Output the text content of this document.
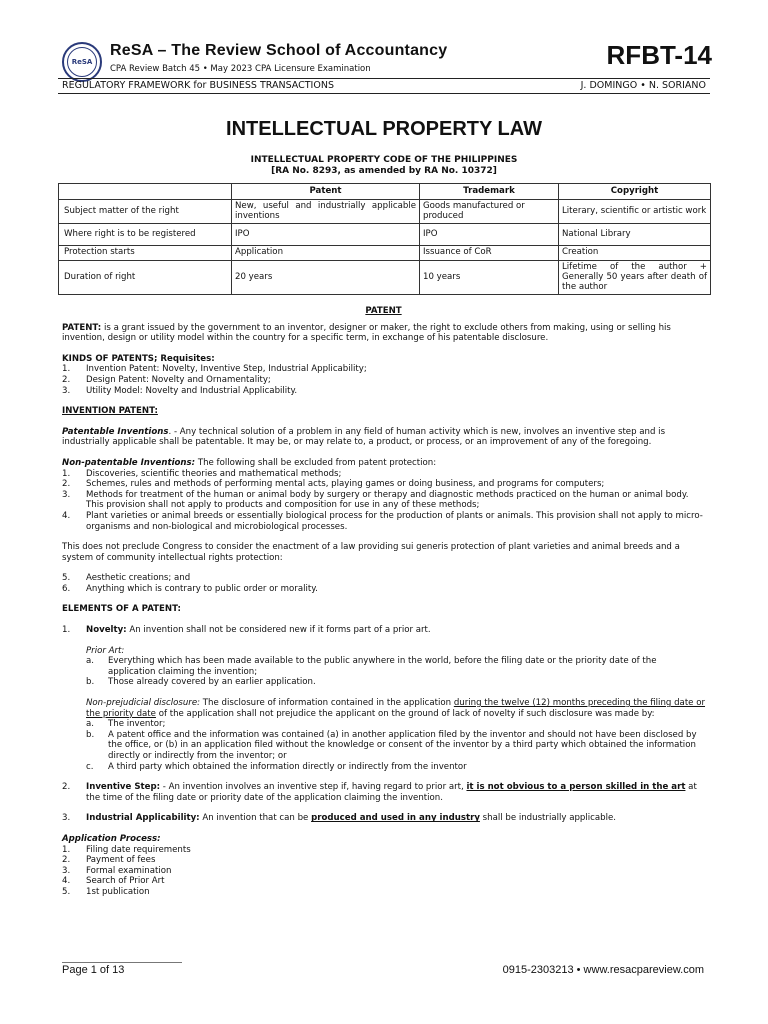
ReSA
ReSA – The Review School of Accountancy
CPA Review Batch 45 • May 2023 CPA Licensure Examination	RFBT-14
REGULATORY FRAMEWORK for BUSINESS TRANSACTIONS	J. DOMINGO • N. SORIANO
INTELLECTUAL PROPERTY LAW
INTELLECTUAL PROPERTY CODE OF THE PHILIPPINES
[RA No. 8293, as amended by RA No. 10372]
	Patent	Trademark	Copyright
Subject matter of the right	New, useful and industrially applicable inventions	Goods manufactured or produced	Literary, scientific or artistic work
Where right is to be registered	IPO	IPO	National Library
Protection starts	Application	Issuance of CoR	Creation
Duration of right	20 years	10 years	Lifetime of the author + Generally 50 years after death of the author

PATENT

PATENT: is a grant issued by the government to an inventor, designer or maker, the right to exclude others from making, using or selling his invention, design or utility model within the country for a specific term, in exchange of his patentable disclosure.

KINDS OF PATENTS; Requisites:

1. Invention Patent: Novelty, Inventive Step, Industrial Applicability;
2. Design Patent: Novelty and Ornamentality;
3. Utility Model: Novelty and Industrial Applicability.

INVENTION PATENT:

Patentable Inventions. - Any technical solution of a problem in any field of human activity which is new, involves an inventive step and is industrially applicable shall be patentable. It may be, or may relate to, a product, or process, or an improvement of any of the foregoing.

Non-patentable Inventions: The following shall be excluded from patent protection:

1. Discoveries, scientific theories and mathematical methods;
2. Schemes, rules and methods of performing mental acts, playing games or doing business, and programs for computers;
3. Methods for treatment of the human or animal body by surgery or therapy and diagnostic methods practiced on the human or animal body. This provision shall not apply to products and composition for use in any of these methods;
4. Plant varieties or animal breeds or essentially biological process for the production of plants or animals. This provision shall not apply to micro-organisms and non-biological and microbiological processes.

This does not preclude Congress to consider the enactment of a law providing sui generis protection of plant varieties and animal breeds and a system of community intellectual rights protection:

5. Aesthetic creations; and
6. Anything which is contrary to public order or morality.

ELEMENTS OF A PATENT:

1. Novelty: An invention shall not be considered new if it forms part of a prior art.

Prior Art:

a. Everything which has been made available to the public anywhere in the world, before the filing date or the priority date of the application claiming the invention;
b. Those already covered by an earlier application.

Non-prejudicial disclosure: The disclosure of information contained in the application during the twelve (12) months preceding the filing date or the priority date of the application shall not prejudice the applicant on the ground of lack of novelty if such disclosure was made by:

a. The inventor;
b. A patent office and the information was contained (a) in another application filed by the inventor and should not have been disclosed by the office, or (b) in an application filed without the knowledge or consent of the inventor by a third party which obtained the information directly or indirectly from the inventor; or
c. A third party which obtained the information directly or indirectly from the inventor
2. Inventive Step: - An invention involves an inventive step if, having regard to prior art, it is not obvious to a person skilled in the art at the time of the filing date or priority date of the application claiming the invention.
3. Industrial Applicability: An invention that can be produced and used in any industry shall be industrially applicable.

Application Process:

1. Filing date requirements
2. Payment of fees
3. Formal examination
4. Search of Prior Art
5. 1st publication
Page 1 of 13	0915-2303213 • www.resacpareview.com
